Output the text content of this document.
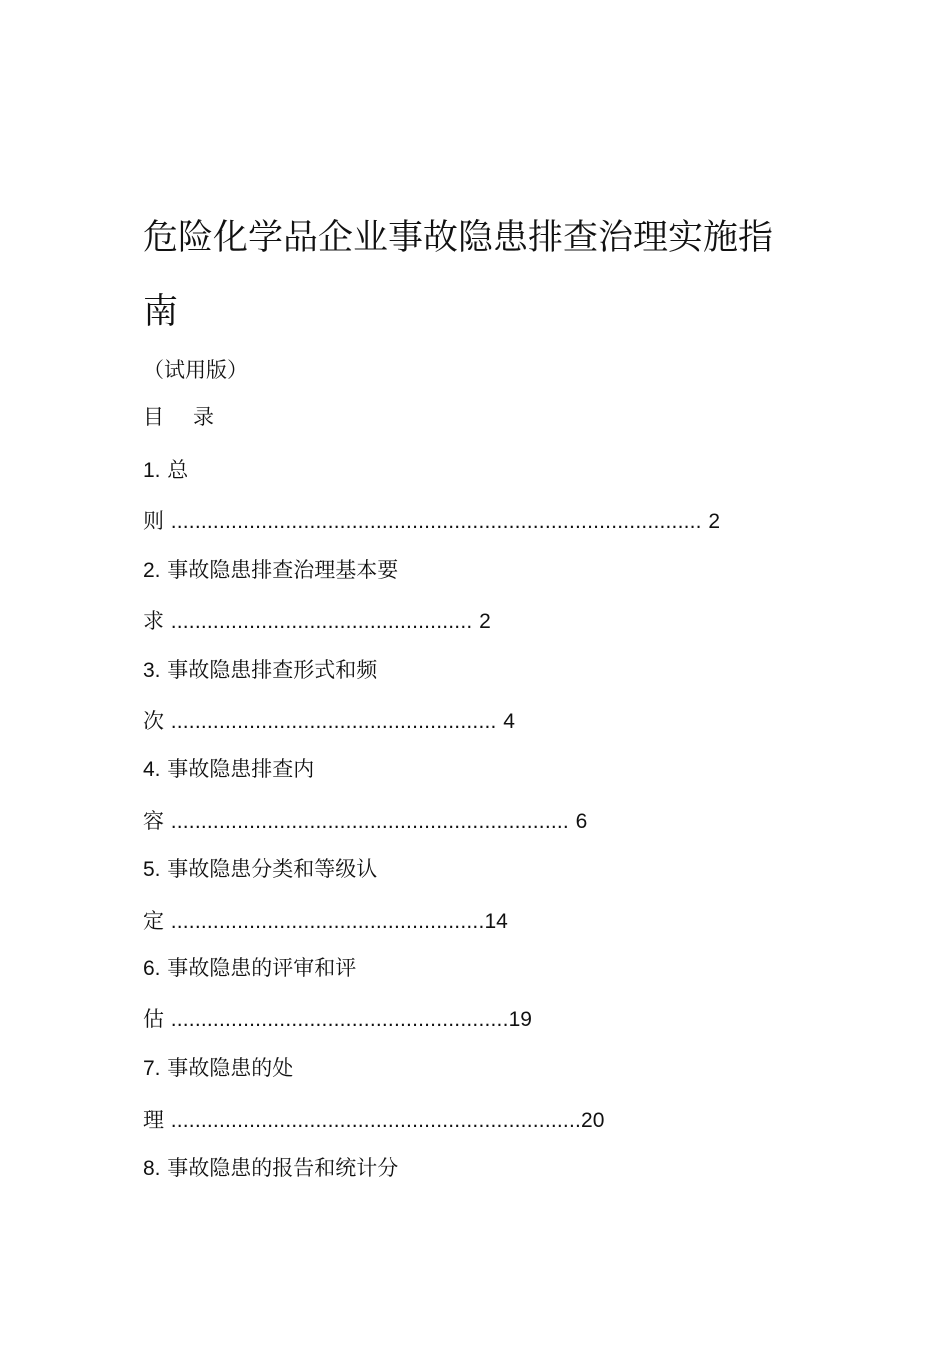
危险化学品企业事故隐患排查治理实施指
南
（试用版）
目 录
1. 总
则 ........................................................................................ 2
2. 事故隐患排查治理基本要
求 .................................................. 2
3. 事故隐患排查形式和频
次 ...................................................... 4
4. 事故隐患排查内
容 .................................................................. 6
5. 事故隐患分类和等级认
定 ....................................................14
6. 事故隐患的评审和评
估 ........................................................19
7. 事故隐患的处
理 ....................................................................20
8. 事故隐患的报告和统计分
